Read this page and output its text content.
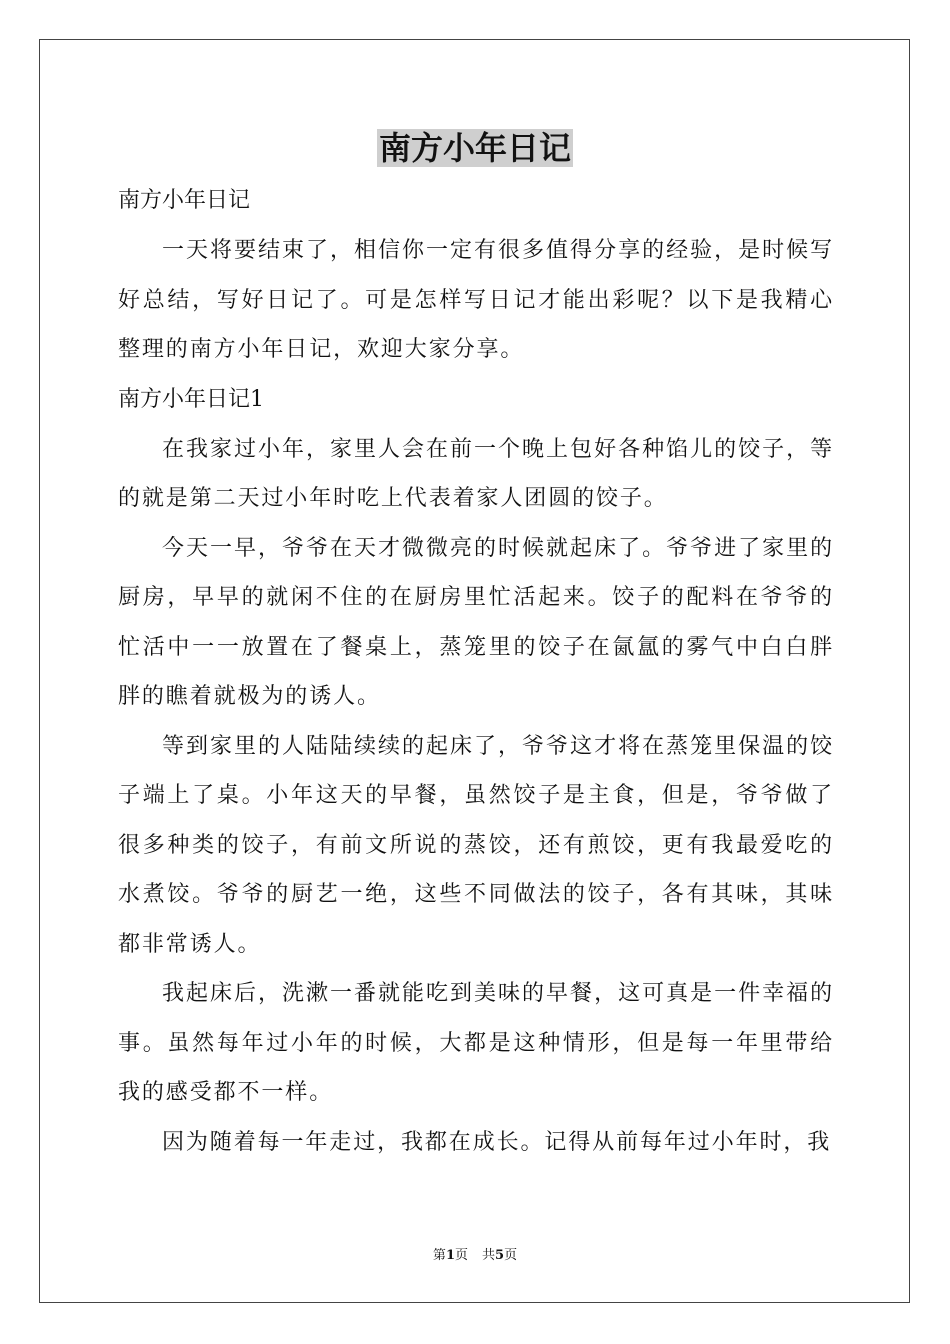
南方小年日记

南方小年日记

一天将要结束了，相信你一定有很多值得分享的经验，是时候写好总结，写好日记了。可是怎样写日记才能出彩呢？以下是我精心整理的南方小年日记，欢迎大家分享。

南方小年日记1

在我家过小年，家里人会在前一个晚上包好各种馅儿的饺子，等的就是第二天过小年时吃上代表着家人团圆的饺子。

今天一早，爷爷在天才微微亮的时候就起床了。爷爷进了家里的厨房，早早的就闲不住的在厨房里忙活起来。饺子的配料在爷爷的忙活中一一放置在了餐桌上，蒸笼里的饺子在氤氲的雾气中白白胖胖的瞧着就极为的诱人。

等到家里的人陆陆续续的起床了，爷爷这才将在蒸笼里保温的饺子端上了桌。小年这天的早餐，虽然饺子是主食，但是，爷爷做了很多种类的饺子，有前文所说的蒸饺，还有煎饺，更有我最爱吃的水煮饺。爷爷的厨艺一绝，这些不同做法的饺子，各有其味，其味都非常诱人。

我起床后，洗漱一番就能吃到美味的早餐，这可真是一件幸福的事。虽然每年过小年的时候，大都是这种情形，但是每一年里带给我的感受都不一样。

因为随着每一年走过，我都在成长。记得从前每年过小年时，我

第1页 共5页
